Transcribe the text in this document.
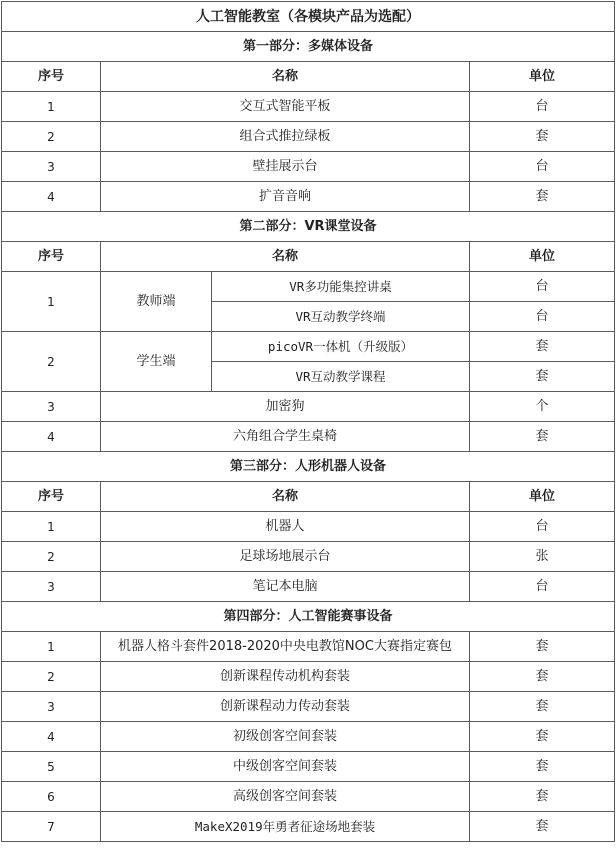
人工智能教室（各模块产品为选配）			
第一部分：多媒体设备			
序号	名称		单位
1	交互式智能平板		台
2	组合式推拉绿板		套
3	壁挂展示台		台
4	扩音音响		套
第二部分：VR课堂设备			
序号	名称		单位
1	教师端	VR多功能集控讲桌	台
		VR互动教学终端	台
2	学生端	picoVR一体机（升级版）	套
		VR互动教学课程	套
3	加密狗		个
4	六角组合学生桌椅		套
第三部分：人形机器人设备			
序号	名称		单位
1	机器人		台
2	足球场地展示台		张
3	笔记本电脑		台
第四部分：人工智能赛事设备			
1	机器人格斗套件2018-2020中央电教馆NOC大赛指定赛包		套
2	创新课程传动机构套装		套
3	创新课程动力传动套装		套
4	初级创客空间套装		套
5	中级创客空间套装		套
6	高级创客空间套装		套
7	MakeX2019年勇者征途场地套装		套
